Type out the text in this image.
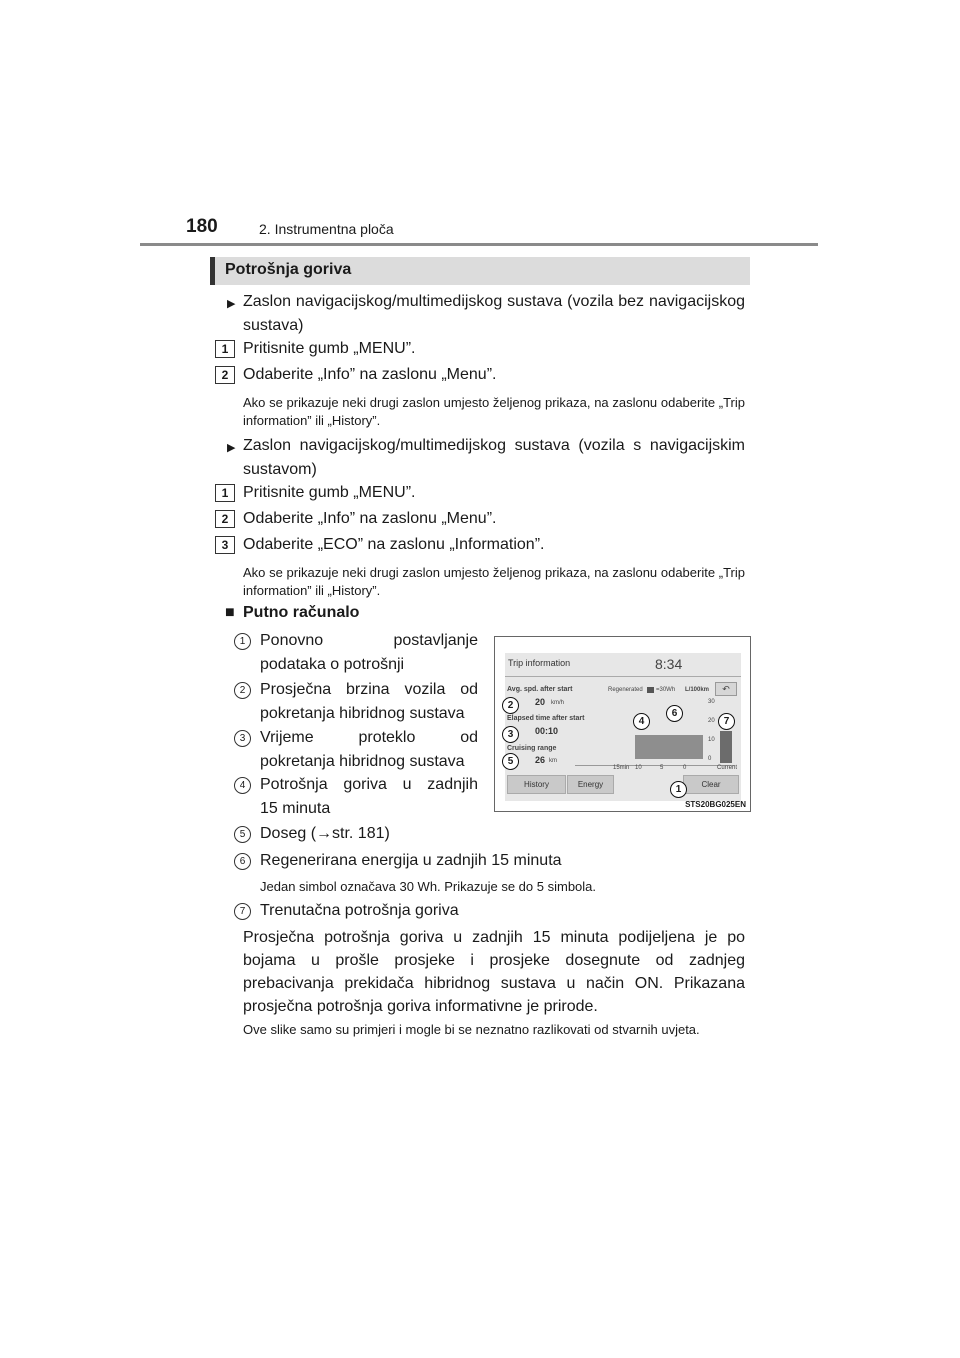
180	2. Instrumentna ploča
Potrošnja goriva
▶ Zaslon navigacijskog/multimedijskog sustava (vozila bez navigacijskog sustava)
1 Pritisnite gumb „MENU”.
2 Odaberite „Info” na zaslonu „Menu”.
Ako se prikazuje neki drugi zaslon umjesto željenog prikaza, na zaslonu odaberite „Trip information” ili „History”.
▶ Zaslon navigacijskog/multimedijskog sustava (vozila s navigacijskim sustavom)
1 Pritisnite gumb „MENU”.
2 Odaberite „Info” na zaslonu „Menu”.
3 Odaberite „ECO” na zaslonu „Information”.
Ako se prikazuje neki drugi zaslon umjesto željenog prikaza, na zaslonu odaberite „Trip information” ili „History”.
■ Putno računalo
1 Ponovno postavljanje
podataka o potrošnji
2 Prosječna brzina vozila od
pokretanja hibridnog sustava
3 Vrijeme proteklo od
pokretanja hibridnog sustava
4 Potrošnja goriva u zadnjih
15 minuta
5 Doseg (→str. 181)
6 Regenerirana energija u zadnjih 15 minuta
Jedan simbol označava 30 Wh. Prikazuje se do 5 simbola.
7 Trenutačna potrošnja goriva
Prosječna potrošnja goriva u zadnjih 15 minuta podijeljena je po bojama u prošle prosjeke i prosjeke dosegnute od zadnjeg prebacivanja prekidača hibridnog sustava u način ON. Prikazana prosječna potrošnja goriva informativne je prirode.
Ove slike samo su primjeri i mogle bi se neznatno razlikovati od stvarnih uvjeta.
Trip information	8:34
Avg. spd. after start
20 km/h
Elapsed time after start
00:10
Cruising range
26 km
Regenerated =30Wh L/100km	↶
30
20
10
0
15min 10	5	0	Current
History	Energy	Clear
1
2
3
4
5
6
7
STS20BG025EN
